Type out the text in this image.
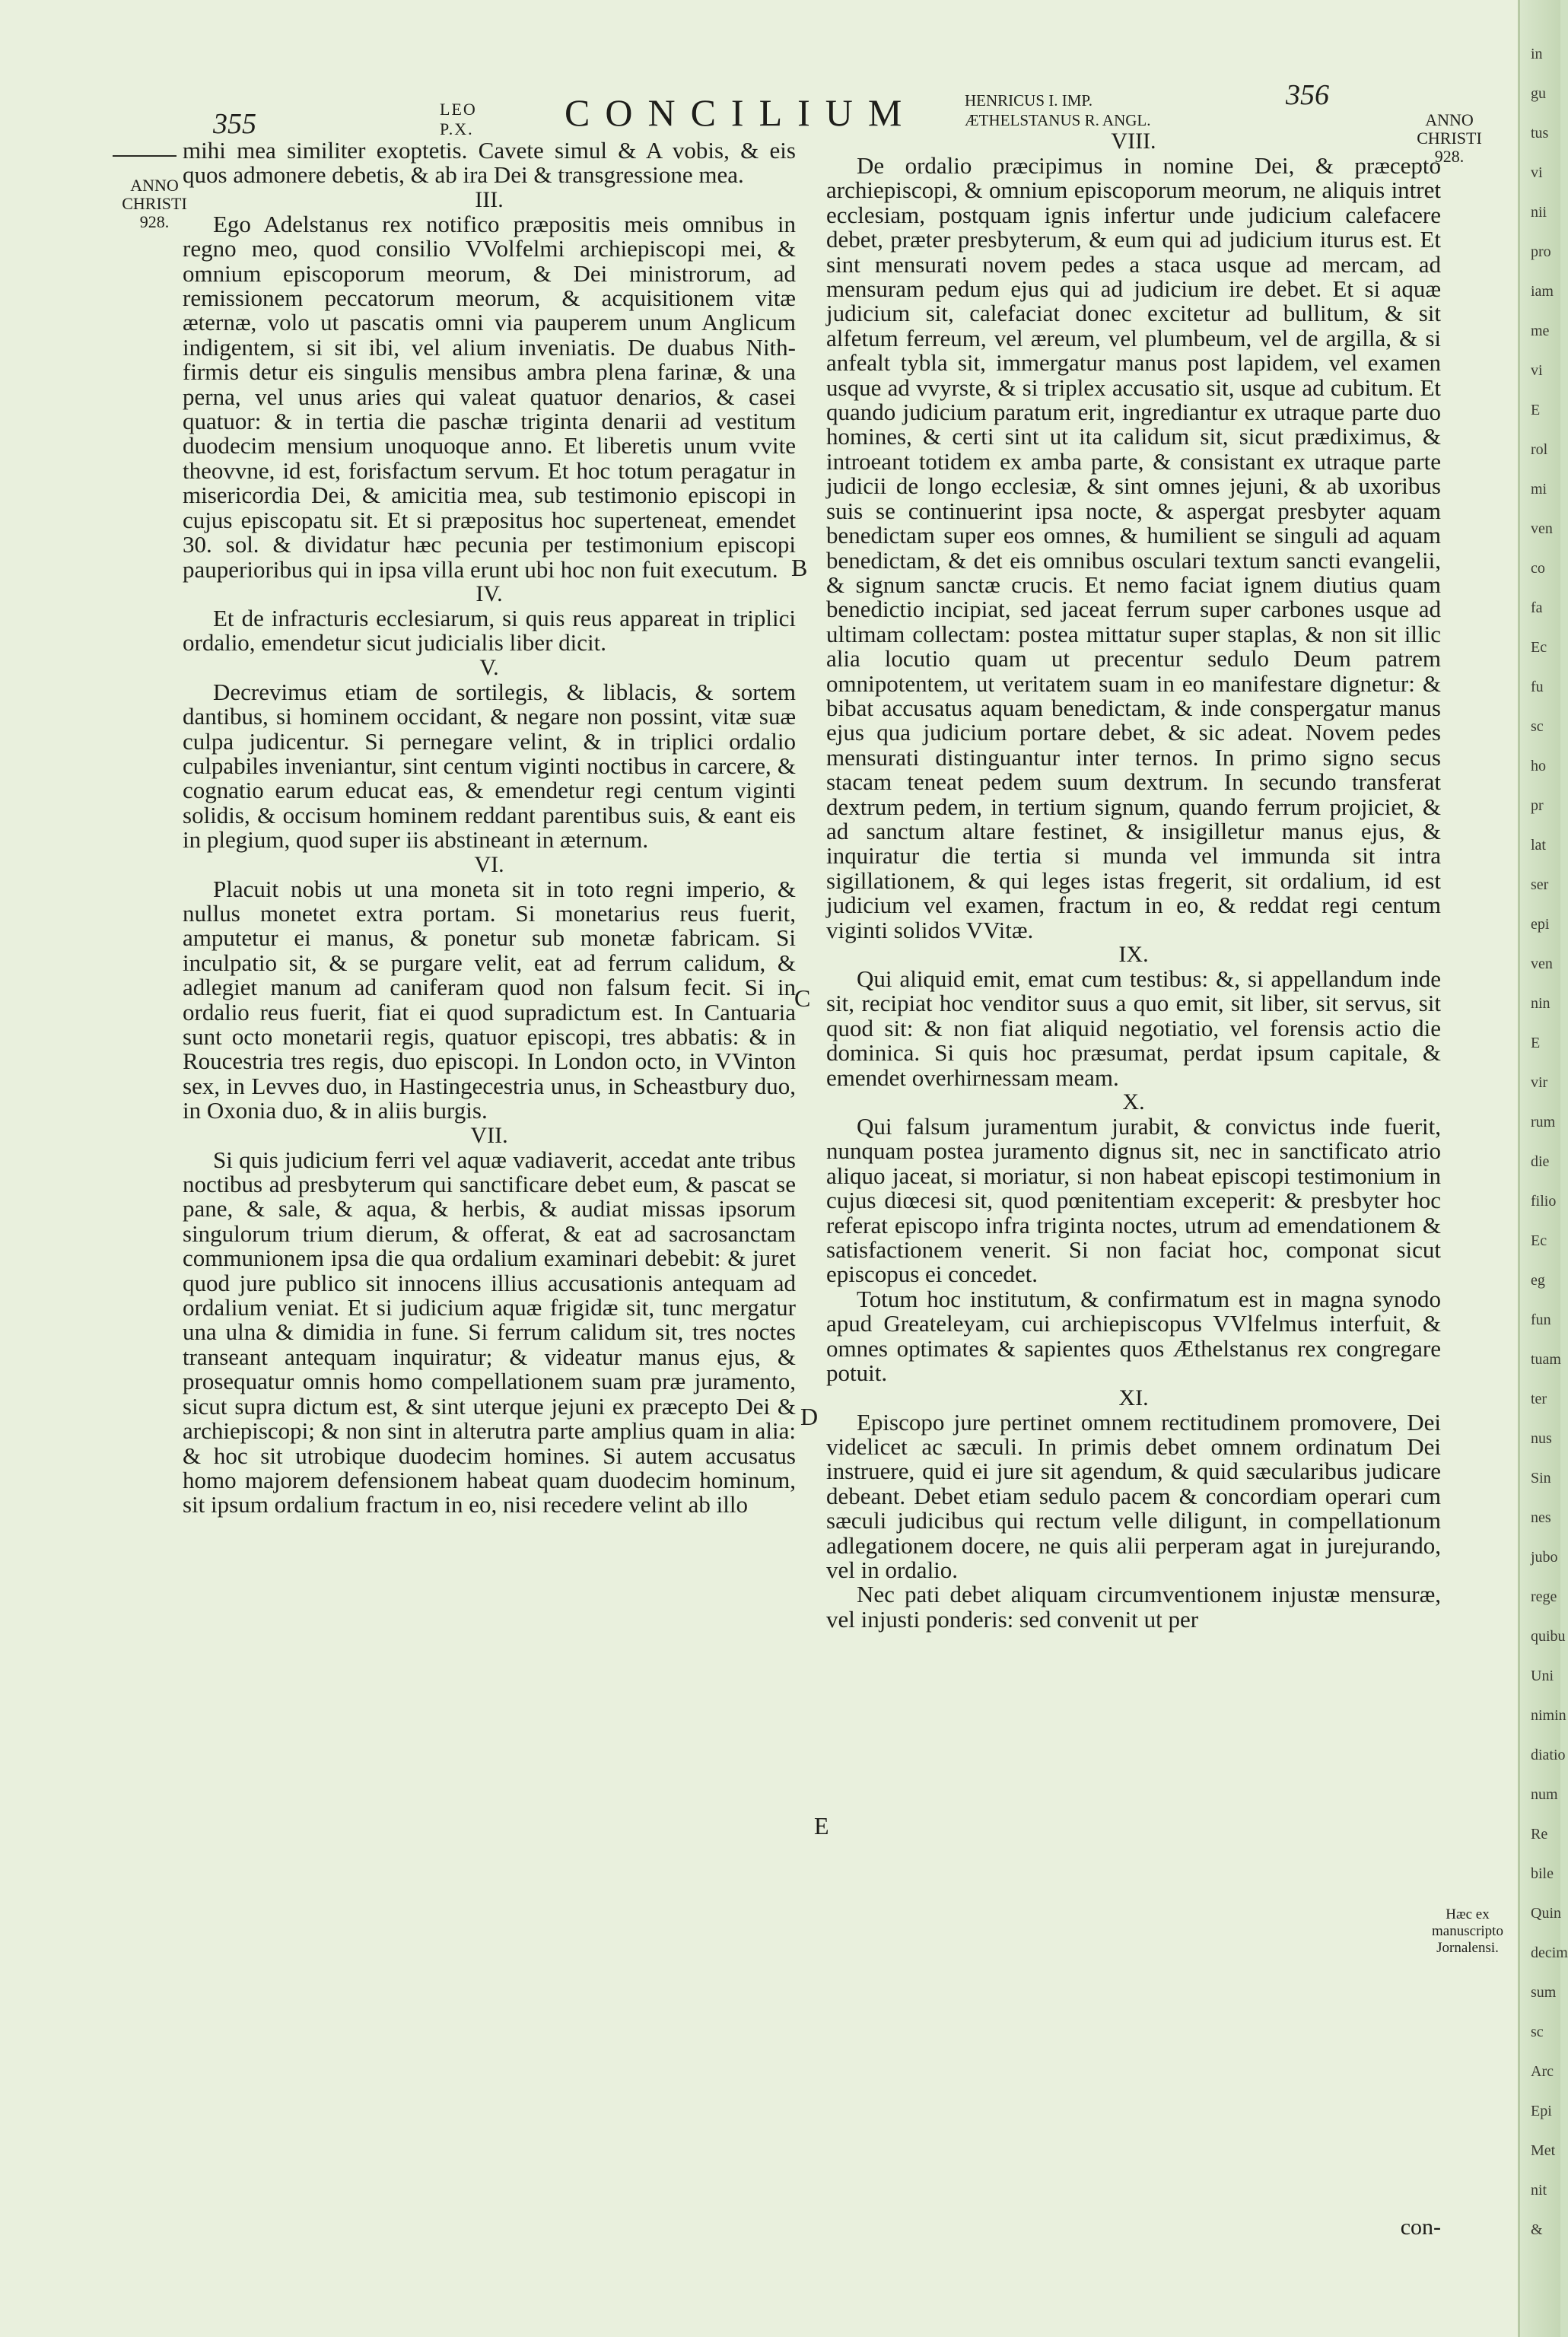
355	LEO
P.X. CONCILIUM	HENRICUS I. IMP.
ÆTHELSTANUS R. ANGL.
356
ANNO
CHRISTI
928.
ANNO
CHRISTI
928.
Hæc ex manuscripto Jornalensi.
B
C
D
E

mihi mea similiter exoptetis. Cavete simul & A vobis, & eis quos admonere debetis, & ab ira Dei & transgressione mea.

III.

Ego Adelstanus rex notifico præpositis meis omnibus in regno meo, quod consilio VVolfelmi archiepiscopi mei, & omnium episcoporum meorum, & Dei ministrorum, ad remissionem peccatorum meorum, & acquisitionem vitæ æternæ, volo ut pascatis omni via pauperem unum Anglicum indigentem, si sit ibi, vel alium inveniatis. De duabus Nith-firmis detur eis singulis mensibus ambra plena farinæ, & una perna, vel unus aries qui valeat quatuor denarios, & casei quatuor: & in tertia die paschæ triginta denarii ad vestitum duodecim mensium unoquoque anno. Et liberetis unum vvite theovvne, id est, forisfactum servum. Et hoc totum peragatur in misericordia Dei, & amicitia mea, sub testimonio episcopi in cujus episcopatu sit. Et si præpositus hoc superteneat, emendet 30. sol. & dividatur hæc pecunia per testimonium episcopi pauperioribus qui in ipsa villa erunt ubi hoc non fuit executum.

IV.

Et de infracturis ecclesiarum, si quis reus appareat in triplici ordalio, emendetur sicut judicialis liber dicit.

V.

Decrevimus etiam de sortilegis, & liblacis, & sortem dantibus, si hominem occidant, & negare non possint, vitæ suæ culpa judicentur. Si pernegare velint, & in triplici ordalio culpabiles inveniantur, sint centum viginti noctibus in carcere, & cognatio earum educat eas, & emendetur regi centum viginti solidis, & occisum hominem reddant parentibus suis, & eant eis in plegium, quod super iis abstineant in æternum.

VI.

Placuit nobis ut una moneta sit in toto regni imperio, & nullus monetet extra portam. Si monetarius reus fuerit, amputetur ei manus, & ponetur sub monetæ fabricam. Si inculpatio sit, & se purgare velit, eat ad ferrum calidum, & adlegiet manum ad caniferam quod non falsum fecit. Si in ordalio reus fuerit, fiat ei quod supradictum est. In Cantuaria sunt octo monetarii regis, quatuor episcopi, tres abbatis: & in Roucestria tres regis, duo episcopi. In London octo, in VVinton sex, in Levves duo, in Hastingecestria unus, in Scheastbury duo, in Oxonia duo, & in aliis burgis.

VII.

Si quis judicium ferri vel aquæ vadiaverit, accedat ante tribus noctibus ad presbyterum qui sanctificare debet eum, & pascat se pane, & sale, & aqua, & herbis, & audiat missas ipsorum singulorum trium dierum, & offerat, & eat ad sacrosanctam communionem ipsa die qua ordalium examinari debebit: & juret quod jure publico sit innocens illius accusationis antequam ad ordalium veniat. Et si judicium aquæ frigidæ sit, tunc mergatur una ulna & dimidia in fune. Si ferrum calidum sit, tres noctes transeant antequam inquiratur; & videatur manus ejus, & prosequatur omnis homo compellationem suam præ juramento, sicut supra dictum est, & sint uterque jejuni ex præcepto Dei & archiepiscopi; & non sint in alterutra parte amplius quam in alia: & hoc sit utrobique duodecim homines. Si autem accusatus homo majorem defensionem habeat quam duodecim hominum, sit ipsum ordalium fractum in eo, nisi recedere velint ab illo

VIII.

De ordalio præcipimus in nomine Dei, & præcepto archiepiscopi, & omnium episcoporum meorum, ne aliquis intret ecclesiam, postquam ignis infertur unde judicium calefacere debet, præter presbyterum, & eum qui ad judicium iturus est. Et sint mensurati novem pedes a staca usque ad mercam, ad mensuram pedum ejus qui ad judicium ire debet. Et si aquæ judicium sit, calefaciat donec excitetur ad bullitum, & sit alfetum ferreum, vel æreum, vel plumbeum, vel de argilla, & si anfealt tybla sit, immergatur manus post lapidem, vel examen usque ad vvyrste, & si triplex accusatio sit, usque ad cubitum. Et quando judicium paratum erit, ingrediantur ex utraque parte duo homines, & certi sint ut ita calidum sit, sicut prædiximus, & introeant totidem ex amba parte, & consistant ex utraque parte judicii de longo ecclesiæ, & sint omnes jejuni, & ab uxoribus suis se continuerint ipsa nocte, & aspergat presbyter aquam benedictam super eos omnes, & humilient se singuli ad aquam benedictam, & det eis omnibus osculari textum sancti evangelii, & signum sanctæ crucis. Et nemo faciat ignem diutius quam benedictio incipiat, sed jaceat ferrum super carbones usque ad ultimam collectam: postea mittatur super staplas, & non sit illic alia locutio quam ut precentur sedulo Deum patrem omnipotentem, ut veritatem suam in eo manifestare dignetur: & bibat accusatus aquam benedictam, & inde conspergatur manus ejus qua judicium portare debet, & sic adeat. Novem pedes mensurati distinguantur inter ternos. In primo signo secus stacam teneat pedem suum dextrum. In secundo transferat dextrum pedem, in tertium signum, quando ferrum projiciet, & ad sanctum altare festinet, & insigilletur manus ejus, & inquiratur die tertia si munda vel immunda sit intra sigillationem, & qui leges istas fregerit, sit ordalium, id est judicium vel examen, fractum in eo, & reddat regi centum viginti solidos VVitæ.

IX.

Qui aliquid emit, emat cum testibus: &, si appellandum inde sit, recipiat hoc venditor suus a quo emit, sit liber, sit servus, sit quod sit: & non fiat aliquid negotiatio, vel forensis actio die dominica. Si quis hoc præsumat, perdat ipsum capitale, & emendet overhirnessam meam.

X.

Qui falsum juramentum jurabit, & convictus inde fuerit, nunquam postea juramento dignus sit, nec in sanctificato atrio aliquo jaceat, si moriatur, si non habeat episcopi testimonium in cujus diœcesi sit, quod pœnitentiam exceperit: & presbyter hoc referat episcopo infra triginta noctes, utrum ad emendationem & satisfactionem venerit. Si non faciat hoc, componat sicut episcopus ei concedet.

Totum hoc institutum, & confirmatum est in magna synodo apud Greateleyam, cui archiepiscopus VVlfelmus interfuit, & omnes optimates & sapientes quos Æthelstanus rex congregare potuit.

XI.

Episcopo jure pertinet omnem rectitudinem promovere, Dei videlicet ac sæculi. In primis debet omnem ordinatum Dei instruere, quid ei jure sit agendum, & quid sæcularibus judicare debeant. Debet etiam sedulo pacem & concordiam operari cum sæculi judicibus qui rectum velle diligunt, in compellationum adlegationem docere, ne quis alii perperam agat in jurejurando, vel in ordalio.

Nec pati debet aliquam circumventionem injustæ mensuræ, vel injusti ponderis: sed convenit ut per

con-
in
gu
tus
vi
nii
pro
iam
me
vi
E
rol
mi
ven
co
fa
Ec
fu
sc
ho
pr
lat
ser
epi
ven
nin
E
vir
rum
die
filio
Ec
eg
fun
tuam
ter
nus
Sin
nes
jubo
rege
quibu
Uni
nimin
diatio
num
Re
bile
Quin
decim
sum
sc
Arc
Epi
Met
nit
&
